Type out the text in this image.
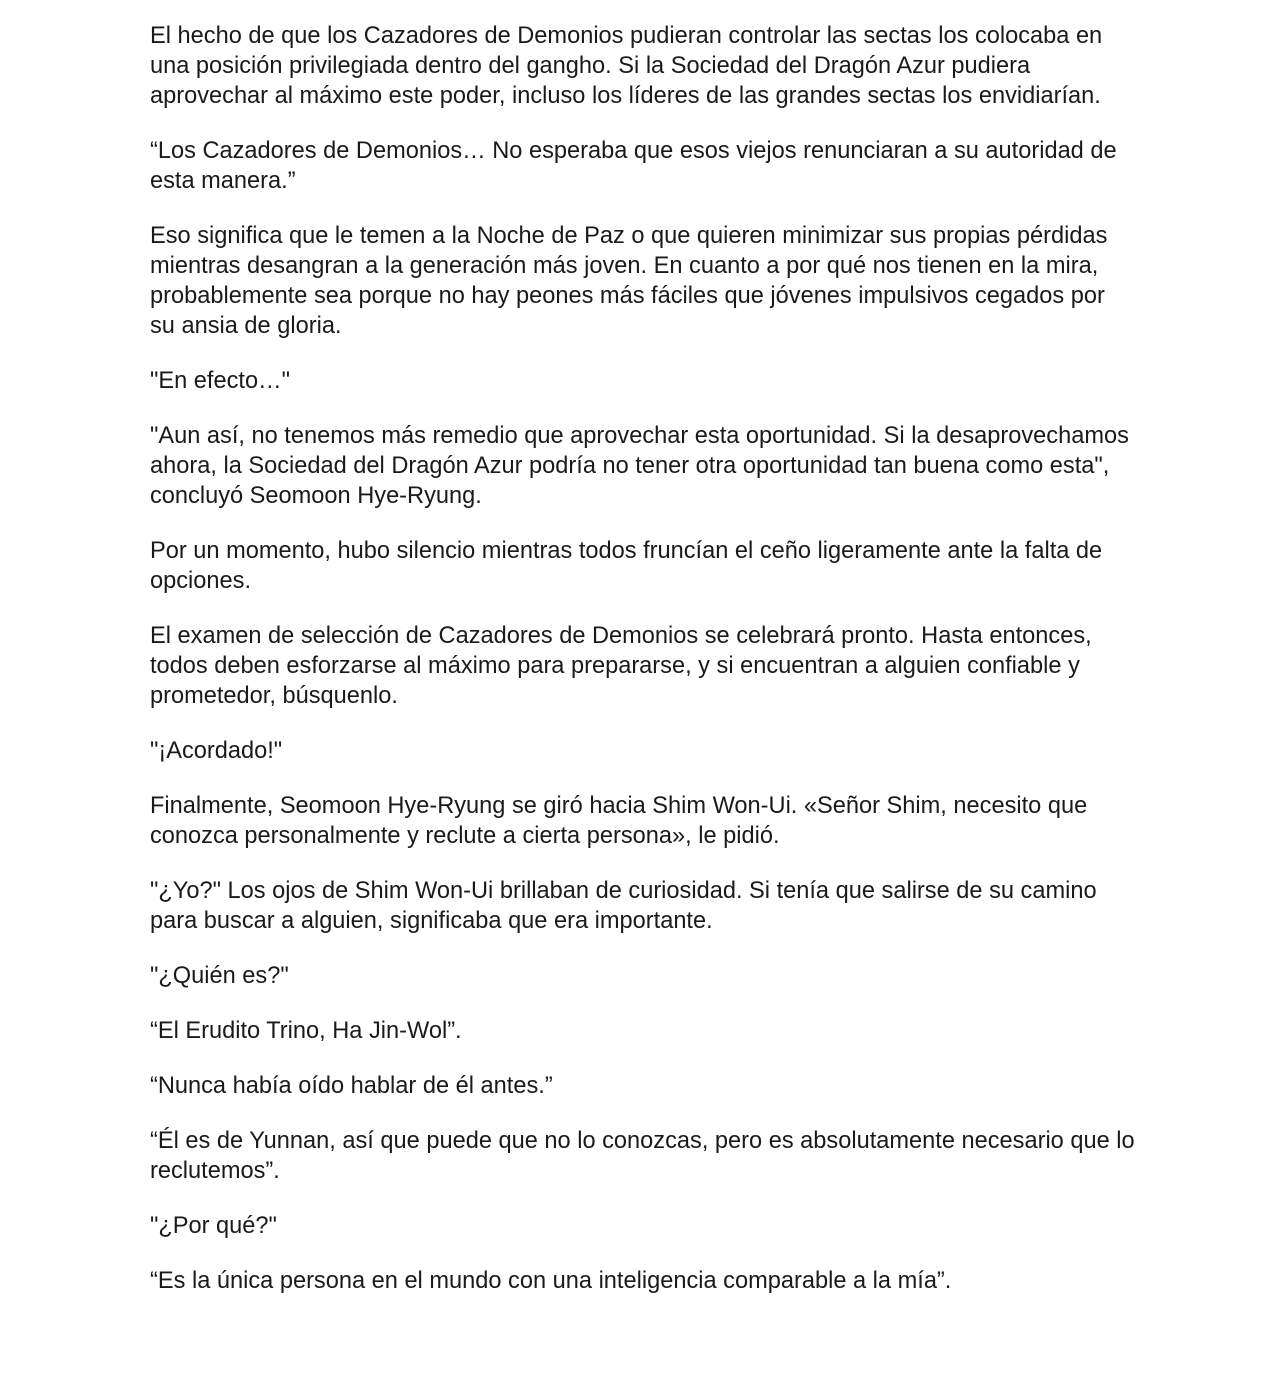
El hecho de que los Cazadores de Demonios pudieran controlar las sectas los colocaba en una posición privilegiada dentro del gangho. Si la Sociedad del Dragón Azur pudiera aprovechar al máximo este poder, incluso los líderes de las grandes sectas los envidiarían.

“Los Cazadores de Demonios… No esperaba que esos viejos renunciaran a su autoridad de esta manera.”

Eso significa que le temen a la Noche de Paz o que quieren minimizar sus propias pérdidas mientras desangran a la generación más joven. En cuanto a por qué nos tienen en la mira, probablemente sea porque no hay peones más fáciles que jóvenes impulsivos cegados por su ansia de gloria.

"En efecto…"

"Aun así, no tenemos más remedio que aprovechar esta oportunidad. Si la desaprovechamos ahora, la Sociedad del Dragón Azur podría no tener otra oportunidad tan buena como esta", concluyó Seomoon Hye-Ryung.

Por un momento, hubo silencio mientras todos fruncían el ceño ligeramente ante la falta de opciones.

El examen de selección de Cazadores de Demonios se celebrará pronto. Hasta entonces, todos deben esforzarse al máximo para prepararse, y si encuentran a alguien confiable y prometedor, búsquenlo.

"¡Acordado!"

Finalmente, Seomoon Hye-Ryung se giró hacia Shim Won-Ui. «Señor Shim, necesito que conozca personalmente y reclute a cierta persona», le pidió.

"¿Yo?" Los ojos de Shim Won-Ui brillaban de curiosidad. Si tenía que salirse de su camino para buscar a alguien, significaba que era importante.

"¿Quién es?"

“El Erudito Trino, Ha Jin-Wol”.

“Nunca había oído hablar de él antes.”

“Él es de Yunnan, así que puede que no lo conozcas, pero es absolutamente necesario que lo reclutemos”.

"¿Por qué?"

“Es la única persona en el mundo con una inteligencia comparable a la mía”.
